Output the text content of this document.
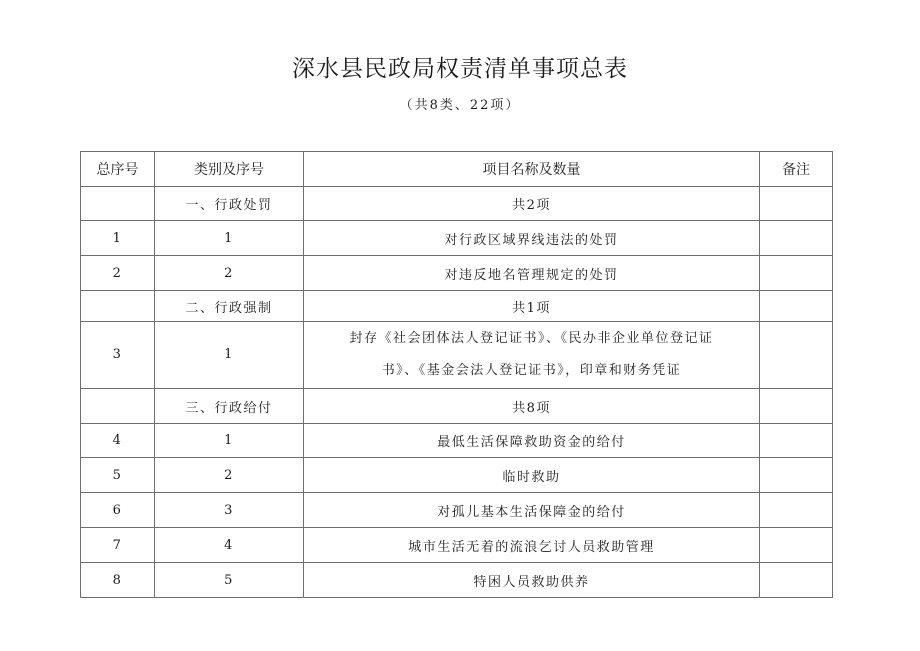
深水县民政局权责清单事项总表
（共8类、22项）
总序号	类别及序号	项目名称及数量	备注
	一、行政处罚	共2项	
1	1	对行政区域界线违法的处罚	
2	2	对违反地名管理规定的处罚	
	二、行政强制	共1项	
3	1	封存《社会团体法人登记证书》、《民办非企业单位登记证
书》、《基金会法人登记证书》，印章和财务凭证	

	三、行政给付	共8项	
4	1	最低生活保障救助资金的给付	
5	2	临时救助	
6	3	对孤儿基本生活保障金的给付	
7	4	城市生活无着的流浪乞讨人员救助管理	
8	5	特困人员救助供养	
